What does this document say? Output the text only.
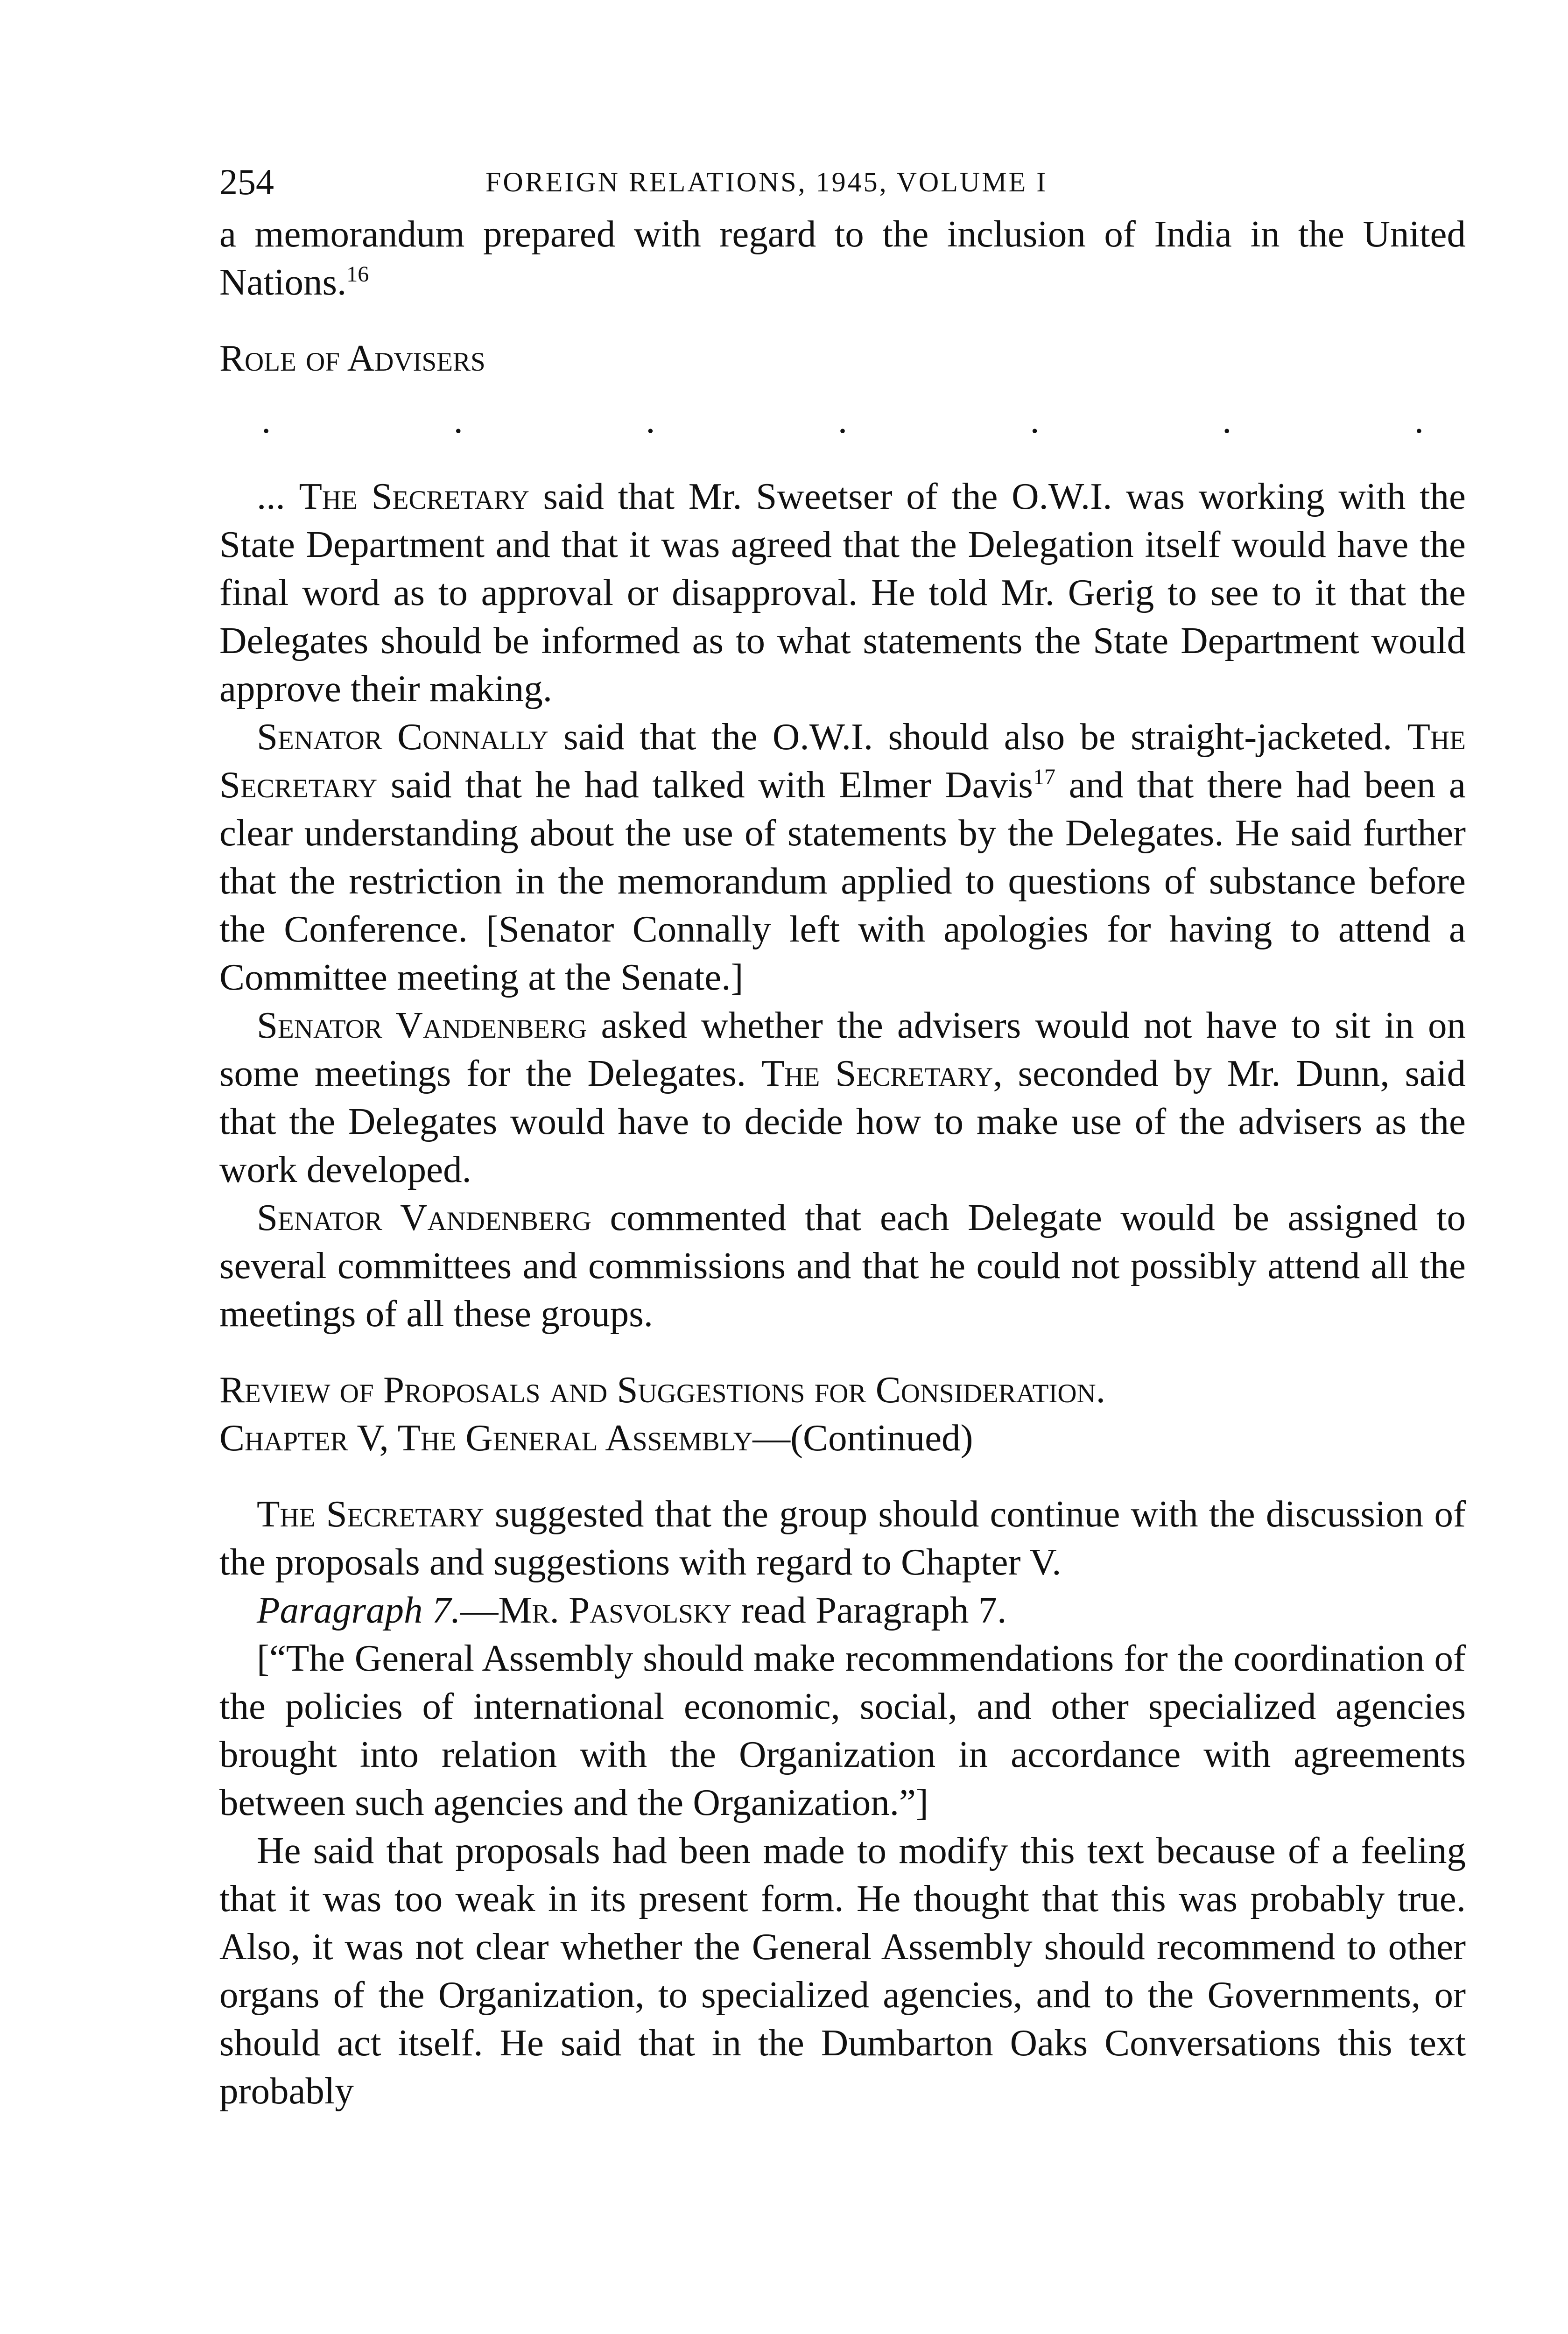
254	FOREIGN RELATIONS, 1945, VOLUME I

a memorandum prepared with regard to the inclusion of India in the United Nations.$^{16}$

Role of Advisers

.	.	.	.	.	.	.

... The Secretary said that Mr. Sweetser of the O.W.I. was working with the State Department and that it was agreed that the Delegation itself would have the final word as to approval or disapproval. He told Mr. Gerig to see to it that the Delegates should be informed as to what statements the State Department would approve their making.

Senator Connally said that the O.W.I. should also be straight-jacketed. The Secretary said that he had talked with Elmer Davis$^{17}$ and that there had been a clear understanding about the use of statements by the Delegates. He said further that the restriction in the memorandum applied to questions of substance before the Conference. [Senator Connally left with apologies for having to attend a Committee meeting at the Senate.]

Senator Vandenberg asked whether the advisers would not have to sit in on some meetings for the Delegates. The Secretary, seconded by Mr. Dunn, said that the Delegates would have to decide how to make use of the advisers as the work developed.

Senator Vandenberg commented that each Delegate would be assigned to several committees and commissions and that he could not possibly attend all the meetings of all these groups.

Review of Proposals and Suggestions for Consideration.

Chapter V, The General Assembly—(Continued)

The Secretary suggested that the group should continue with the discussion of the proposals and suggestions with regard to Chapter V.

Paragraph 7.—Mr. Pasvolsky read Paragraph 7.

[“The General Assembly should make recommendations for the coordination of the policies of international economic, social, and other specialized agencies brought into relation with the Organization in accordance with agreements between such agencies and the Organization.”]

He said that proposals had been made to modify this text because of a feeling that it was too weak in its present form. He thought that this was probably true. Also, it was not clear whether the General Assembly should recommend to other organs of the Organization, to specialized agencies, and to the Governments, or should act itself. He said that in the Dumbarton Oaks Conversations this text probably
